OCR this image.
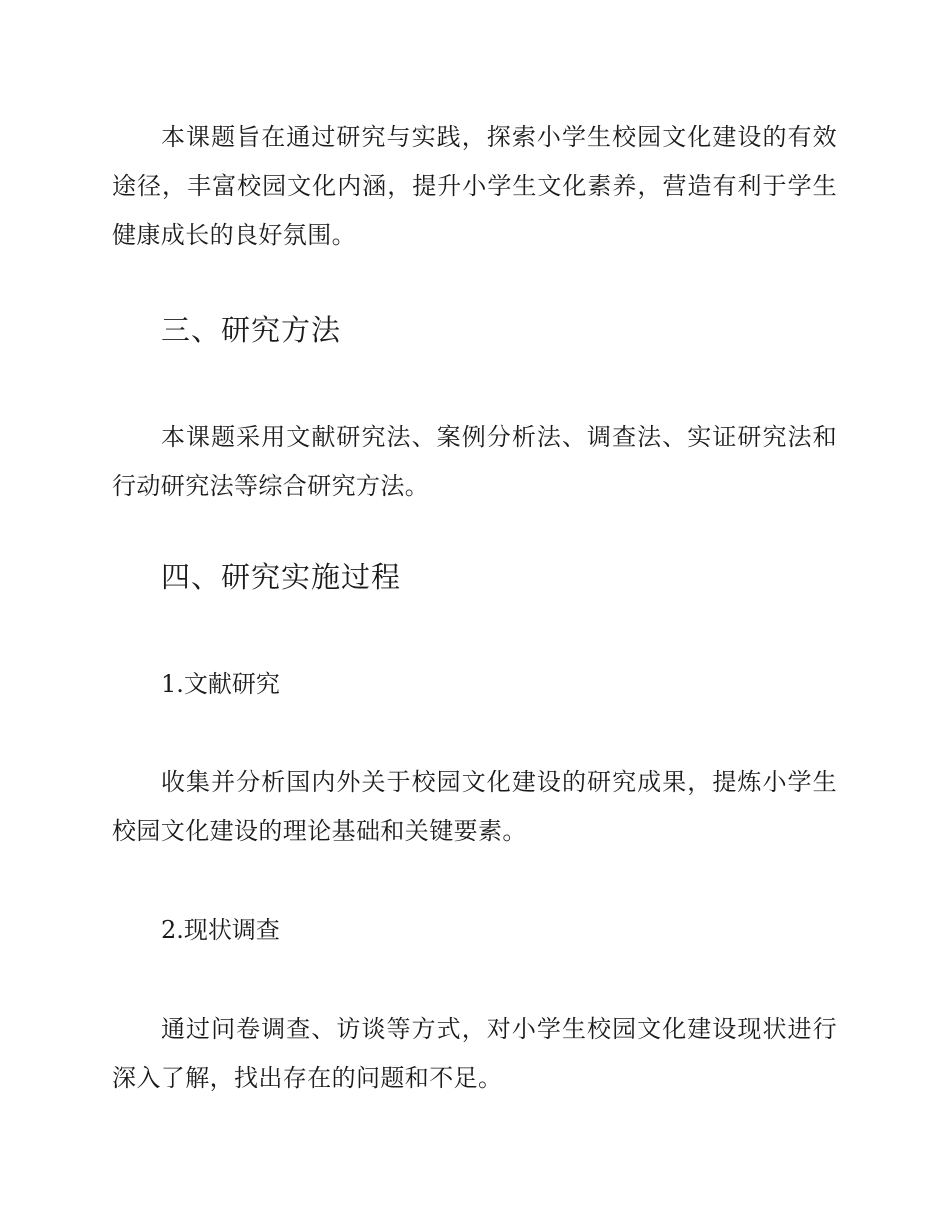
本课题旨在通过研究与实践，探索小学生校园文化建设的有效途径，丰富校园文化内涵，提升小学生文化素养，营造有利于学生健康成长的良好氛围。

三、研究方法

本课题采用文献研究法、案例分析法、调查法、实证研究法和行动研究法等综合研究方法。

四、研究实施过程
1.文献研究

收集并分析国内外关于校园文化建设的研究成果，提炼小学生校园文化建设的理论基础和关键要素。

2.现状调查

通过问卷调查、访谈等方式，对小学生校园文化建设现状进行深入了解，找出存在的问题和不足。
